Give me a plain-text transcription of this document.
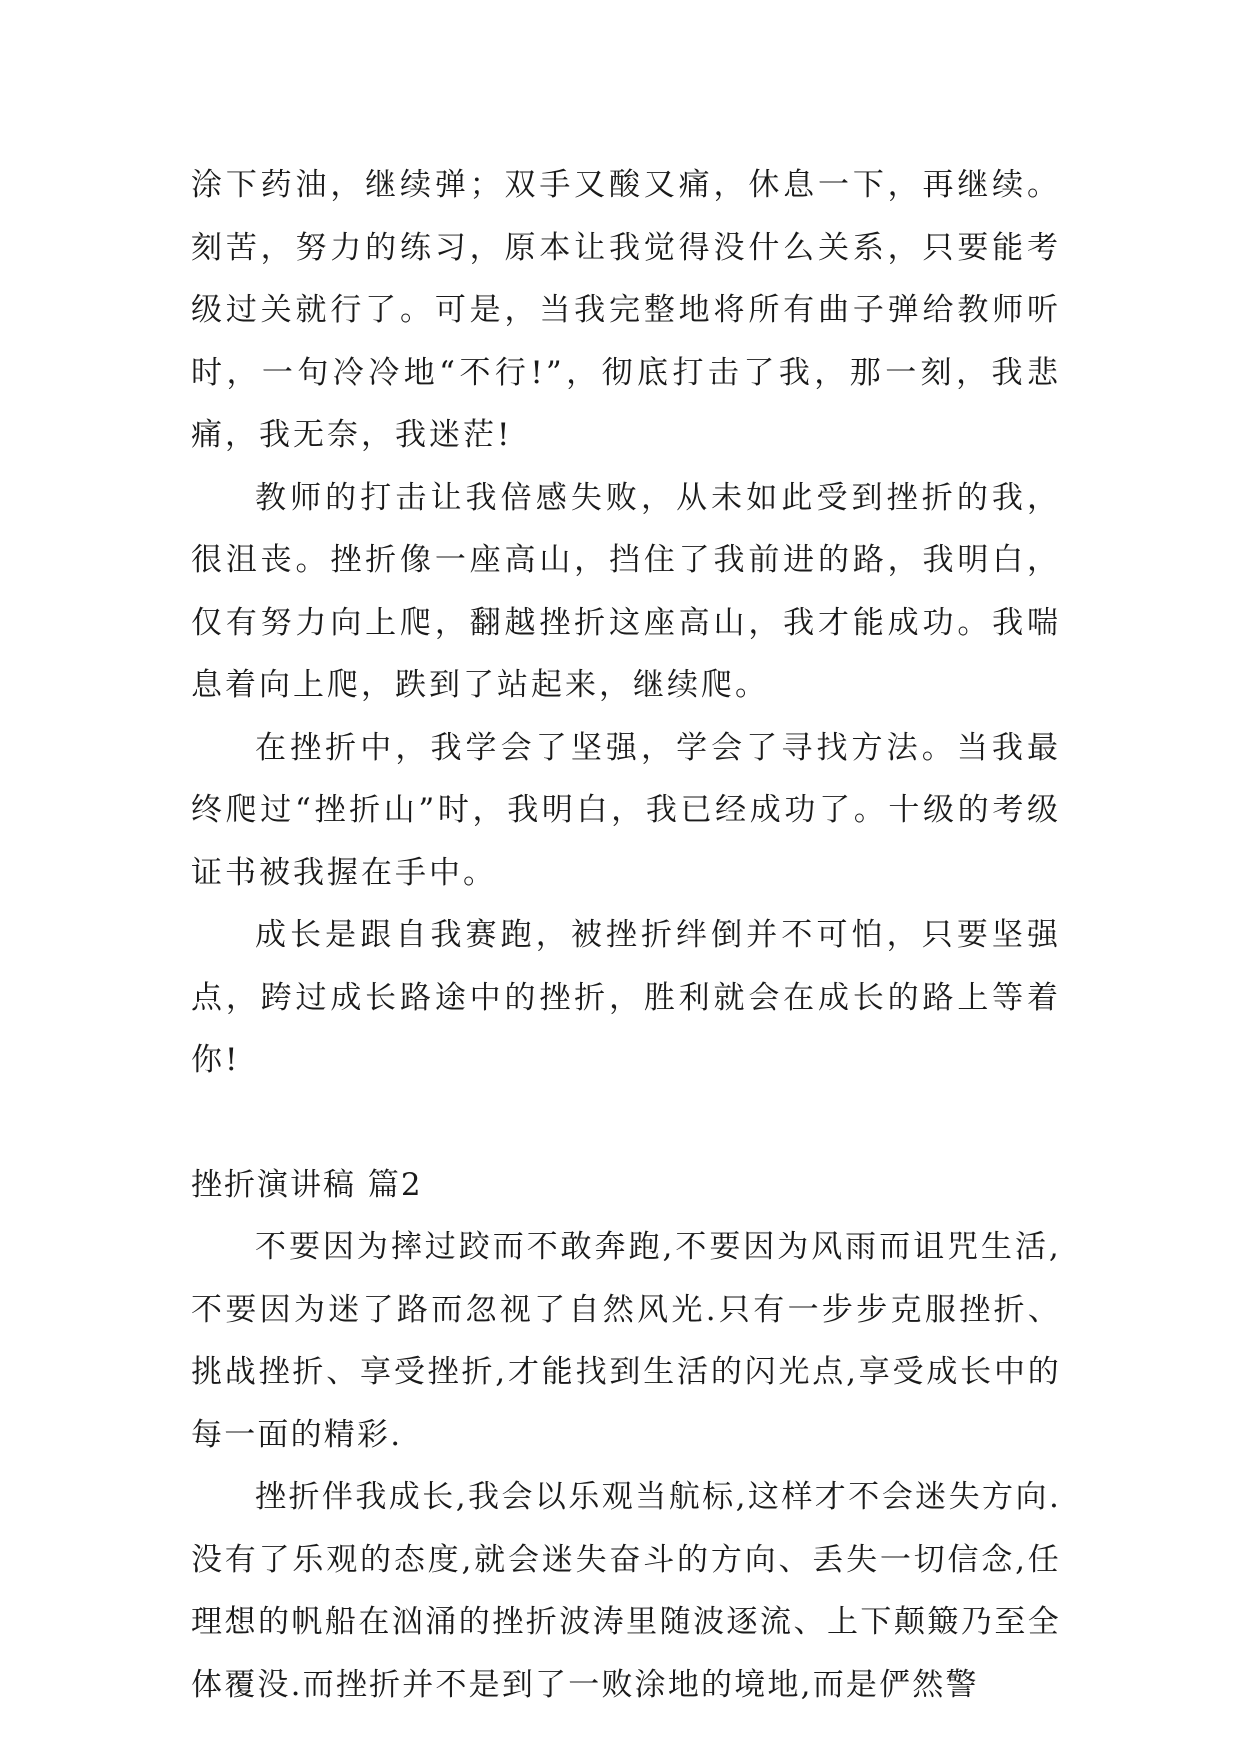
涂下药油，继续弹；双手又酸又痛，休息一下，再继续。刻苦，努力的练习，原本让我觉得没什么关系，只要能考级过关就行了。可是，当我完整地将所有曲子弹给教师听时，一句冷冷地“不行!”，彻底打击了我，那一刻，我悲痛，我无奈，我迷茫!

教师的打击让我倍感失败，从未如此受到挫折的我，很沮丧。挫折像一座高山，挡住了我前进的路，我明白，仅有努力向上爬，翻越挫折这座高山，我才能成功。我喘息着向上爬，跌到了站起来，继续爬。

在挫折中，我学会了坚强，学会了寻找方法。当我最终爬过“挫折山”时，我明白，我已经成功了。十级的考级证书被我握在手中。

成长是跟自我赛跑，被挫折绊倒并不可怕，只要坚强点，跨过成长路途中的挫折，胜利就会在成长的路上等着你!

挫折演讲稿 篇2

不要因为摔过跤而不敢奔跑,不要因为风雨而诅咒生活,不要因为迷了路而忽视了自然风光.只有一步步克服挫折、挑战挫折、享受挫折,才能找到生活的闪光点,享受成长中的每一面的精彩.

挫折伴我成长,我会以乐观当航标,这样才不会迷失方向.没有了乐观的态度,就会迷失奋斗的方向、丢失一切信念,任理想的帆船在汹涌的挫折波涛里随波逐流、上下颠簸乃至全体覆没.而挫折并不是到了一败涂地的境地,而是俨然警
